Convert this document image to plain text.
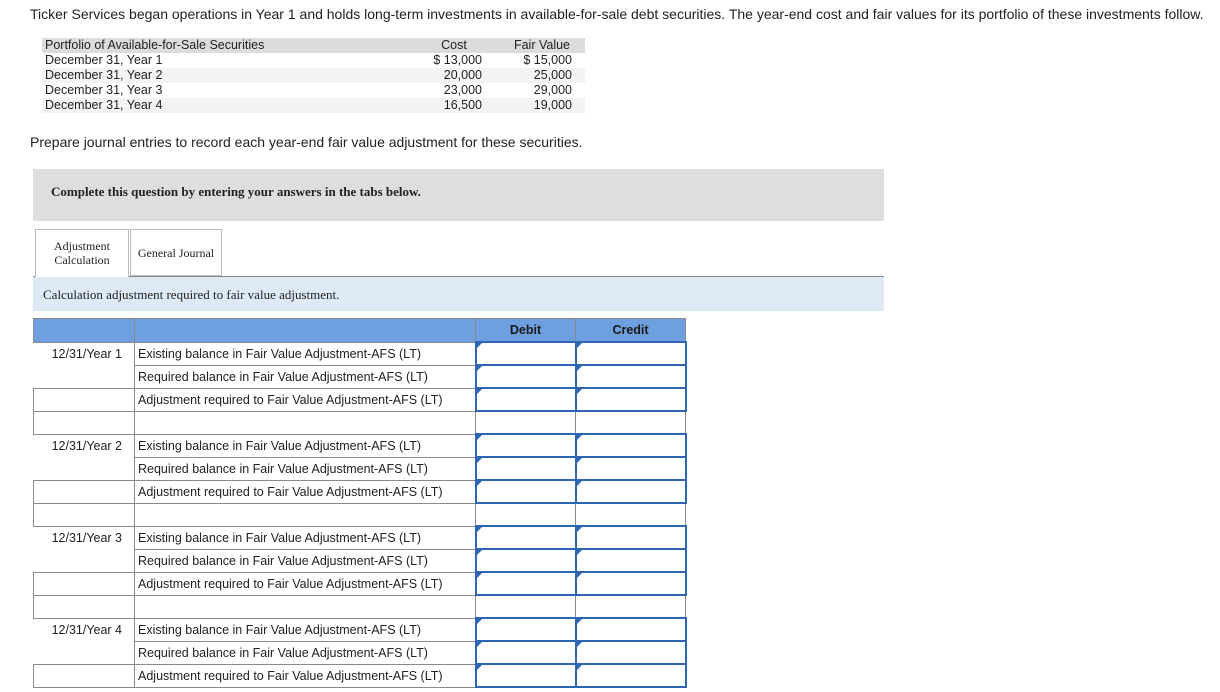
Ticker Services began operations in Year 1 and holds long-term investments in available-for-sale debt securities. The year-end cost and fair values for its portfolio of these investments follow.
Portfolio of Available-for-Sale Securities	Cost	Fair Value
December 31, Year 1	$ 13,000	$ 15,000
December 31, Year 2	20,000	25,000
December 31, Year 3	23,000	29,000
December 31, Year 4	16,500	19,000
Prepare journal entries to record each year-end fair value adjustment for these securities.
Complete this question by entering your answers in the tabs below.
Adjustment
Calculation	General Journal
Calculation adjustment required to fair value adjustment.
		Debit	Credit
12/31/Year 1	Existing balance in Fair Value Adjustment-AFS (LT)		
	Required balance in Fair Value Adjustment-AFS (LT)		
	Adjustment required to Fair Value Adjustment-AFS (LT)		

12/31/Year 2	Existing balance in Fair Value Adjustment-AFS (LT)		
	Required balance in Fair Value Adjustment-AFS (LT)		
	Adjustment required to Fair Value Adjustment-AFS (LT)		

12/31/Year 3	Existing balance in Fair Value Adjustment-AFS (LT)		
	Required balance in Fair Value Adjustment-AFS (LT)		
	Adjustment required to Fair Value Adjustment-AFS (LT)		

12/31/Year 4	Existing balance in Fair Value Adjustment-AFS (LT)		
	Required balance in Fair Value Adjustment-AFS (LT)		
	Adjustment required to Fair Value Adjustment-AFS (LT)		
